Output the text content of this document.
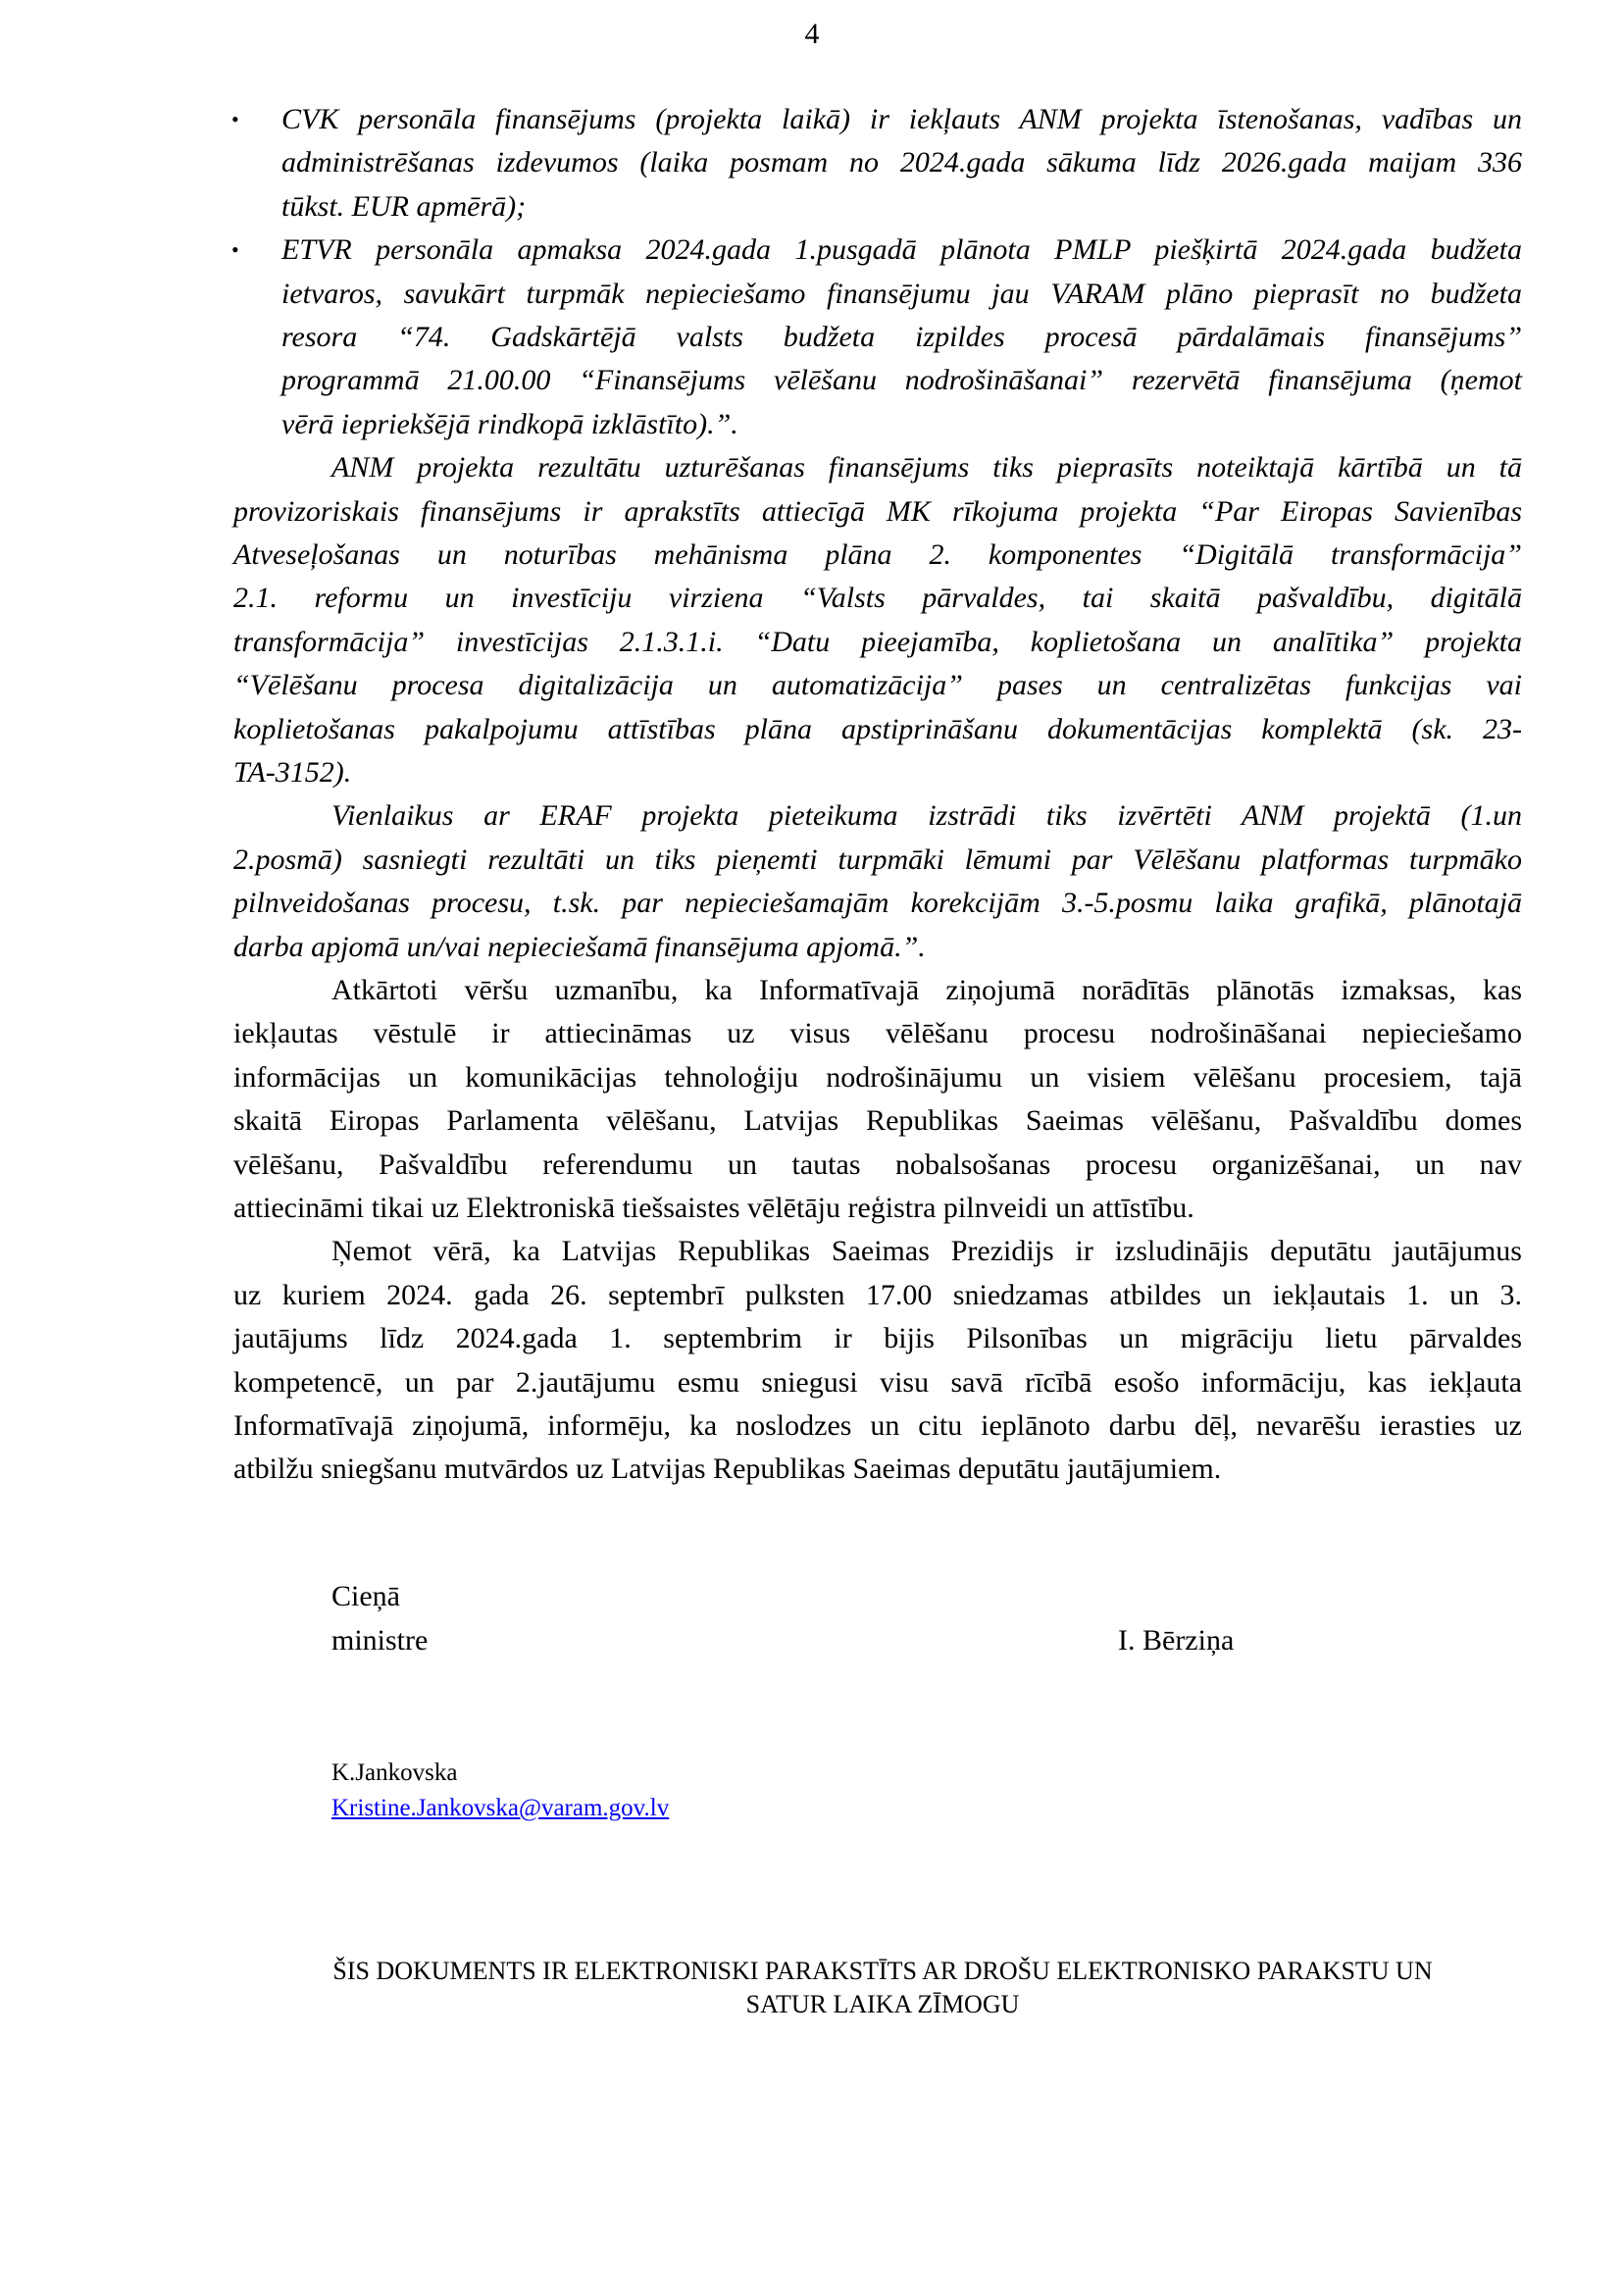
4
• CVK personāla finansējums (projekta laikā) ir iekļauts ANM projekta īstenošanas, vadības un
administrēšanas izdevumos (laika posmam no 2024.gada sākuma līdz 2026.gada maijam 336
tūkst. EUR apmērā);
• ETVR personāla apmaksa 2024.gada 1.pusgadā plānota PMLP piešķirtā 2024.gada budžeta
ietvaros, savukārt turpmāk nepieciešamo finansējumu jau VARAM plāno pieprasīt no budžeta
resora “74. Gadskārtējā valsts budžeta izpildes procesā pārdalāmais finansējums”
programmā 21.00.00 “Finansējums vēlēšanu nodrošināšanai” rezervētā finansējuma (ņemot
vērā iepriekšējā rindkopā izklāstīto).”.
ANM projekta rezultātu uzturēšanas finansējums tiks pieprasīts noteiktajā kārtībā un tā
provizoriskais finansējums ir aprakstīts attiecīgā MK rīkojuma projekta “Par Eiropas Savienības
Atveseļošanas un noturības mehānisma plāna 2. komponentes “Digitālā transformācija”
2.1. reformu un investīciju virziena “Valsts pārvaldes, tai skaitā pašvaldību, digitālā
transformācija” investīcijas 2.1.3.1.i. “Datu pieejamība, koplietošana un analītika” projekta
“Vēlēšanu procesa digitalizācija un automatizācija” pases un centralizētas funkcijas vai
koplietošanas pakalpojumu attīstības plāna apstiprināšanu dokumentācijas komplektā (sk. 23-
TA-3152).
Vienlaikus ar ERAF projekta pieteikuma izstrādi tiks izvērtēti ANM projektā (1.un
2.posmā) sasniegti rezultāti un tiks pieņemti turpmāki lēmumi par Vēlēšanu platformas turpmāko
pilnveidošanas procesu, t.sk. par nepieciešamajām korekcijām 3.-5.posmu laika grafikā, plānotajā
darba apjomā un/vai nepieciešamā finansējuma apjomā.”.
Atkārtoti vēršu uzmanību, ka Informatīvajā ziņojumā norādītās plānotās izmaksas, kas
iekļautas vēstulē ir attiecināmas uz visus vēlēšanu procesu nodrošināšanai nepieciešamo
informācijas un komunikācijas tehnoloģiju nodrošinājumu un visiem vēlēšanu procesiem, tajā
skaitā Eiropas Parlamenta vēlēšanu, Latvijas Republikas Saeimas vēlēšanu, Pašvaldību domes
vēlēšanu, Pašvaldību referendumu un tautas nobalsošanas procesu organizēšanai, un nav
attiecināmi tikai uz Elektroniskā tiešsaistes vēlētāju reģistra pilnveidi un attīstību.
Ņemot vērā, ka Latvijas Republikas Saeimas Prezidijs ir izsludinājis deputātu jautājumus
uz kuriem 2024. gada 26. septembrī pulksten 17.00 sniedzamas atbildes un iekļautais 1. un 3.
jautājums līdz 2024.gada 1. septembrim ir bijis Pilsonības un migrāciju lietu pārvaldes
kompetencē, un par 2.jautājumu esmu sniegusi visu savā rīcībā esošo informāciju, kas iekļauta
Informatīvajā ziņojumā, informēju, ka noslodzes un citu ieplānoto darbu dēļ, nevarēšu ierasties uz
atbilžu sniegšanu mutvārdos uz Latvijas Republikas Saeimas deputātu jautājumiem.
Cieņā
ministre	I. Bērziņa
K.Jankovska
Kristine.Jankovska@varam.gov.lv
ŠIS DOKUMENTS IR ELEKTRONISKI PARAKSTĪTS AR DROŠU ELEKTRONISKO PARAKSTU UN
SATUR LAIKA ZĪMOGU
